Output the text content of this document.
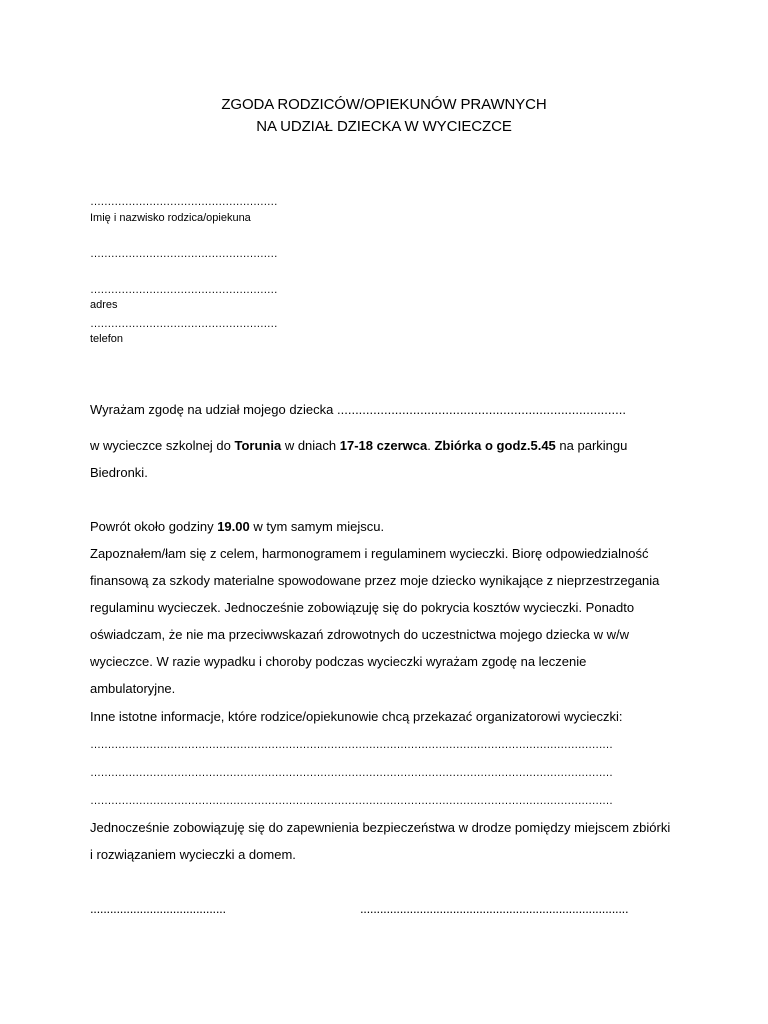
ZGODA RODZICÓW/OPIEKUNÓW PRAWNYCH
NA UDZIAŁ DZIECKA W WYCIECZCE
………………………………………………
Imię i nazwisko rodzica/opiekuna
………………………………………………
………………………………………………
adres
………………………………………………
telefon
Wyrażam zgodę na udział mojego dziecka ................................................................................
w wycieczce szkolnej do Torunia w dniach 17-18 czerwca. Zbiórka o godz.5.45 na parkingu
Biedronki.
Powrót około godziny 19.00 w tym samym miejscu.
Zapoznałem/łam się z celem, harmonogramem i regulaminem wycieczki. Biorę odpowiedzialność
finansową za szkody materialne spowodowane przez moje dziecko wynikające z nieprzestrzegania
regulaminu wycieczek. Jednocześnie zobowiązuję się do pokrycia kosztów wycieczki. Ponadto
oświadczam, że nie ma przeciwwskazań zdrowotnych do uczestnictwa mojego dziecka w w/w
wycieczce. W razie wypadku i choroby podczas wycieczki wyrażam zgodę na leczenie
ambulatoryjne.
Inne istotne informacje, które rodzice/opiekunowie chcą przekazać organizatorowi wycieczki:
……………………………………………………………………………………………………………………………………
……………………………………………………………………………………………………………………………………
……………………………………………………………………………………………………………………………………
Jednocześnie zobowiązuję się do zapewnienia bezpieczeństwa w drodze pomiędzy miejscem zbiórki
i rozwiązaniem wycieczki a domem.
.........................................	.................................................................................
